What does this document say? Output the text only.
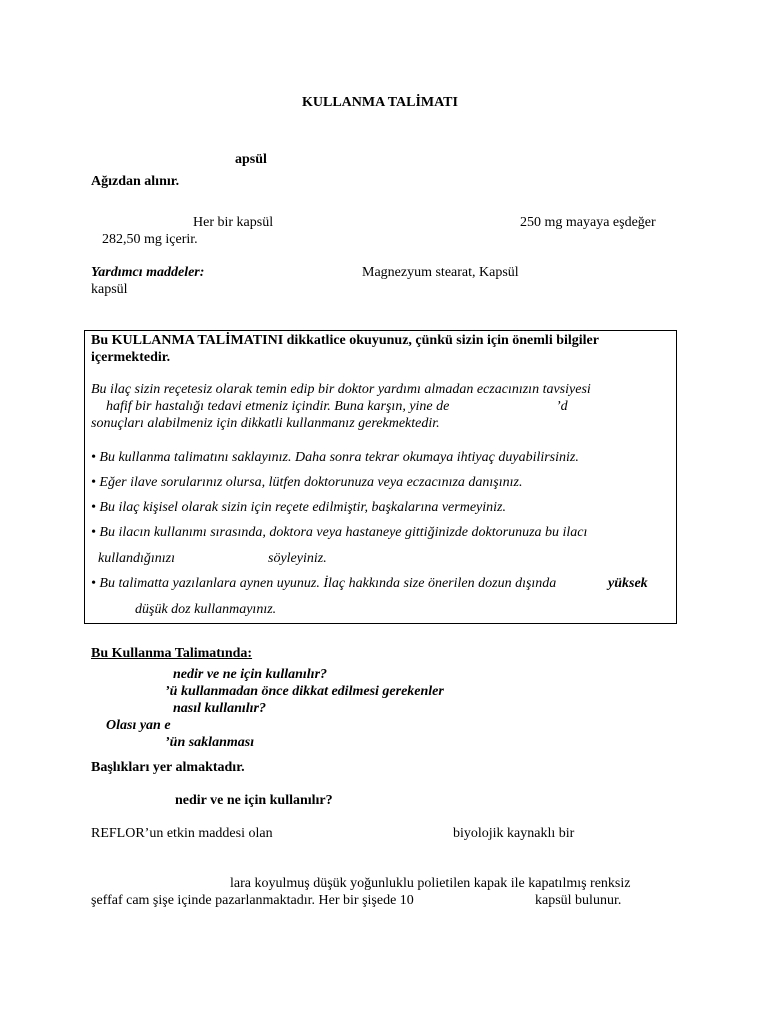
KULLANMA TALİMATI
apsül
Ağızdan alınır.
Her bir kapsül	250 mg mayaya eşdeğer
282,50 mg içerir.
Yardımcı maddeler:	Magnezyum stearat, Kapsül
kapsül
Bu KULLANMA TALİMATINI dikkatlice okuyunuz, çünkü sizin için önemli bilgiler
içermektedir.
Bu ilaç sizin reçetesiz olarak temin edip bir doktor yardımı almadan eczacınızın tavsiyesi
hafif bir hastalığı tedavi etmeniz içindir. Buna karşın, yine de	’d
sonuçları alabilmeniz için dikkatli kullanmanız gerekmektedir.
• Bu kullanma talimatını saklayınız. Daha sonra tekrar okumaya ihtiyaç duyabilirsiniz.
• Eğer ilave sorularınız olursa, lütfen doktorunuza veya eczacınıza danışınız.
• Bu ilaç kişisel olarak sizin için reçete edilmiştir, başkalarına vermeyiniz.
• Bu ilacın kullanımı sırasında, doktora veya hastaneye gittiğinizde doktorunuza bu ilacı
kullandığınızı	söyleyiniz.
• Bu talimatta yazılanlara aynen uyunuz. İlaç hakkında size önerilen dozun dışında	yüksek
düşük doz kullanmayınız.
Bu Kullanma Talimatında:
nedir ve ne için kullanılır?
’ü kullanmadan önce dikkat edilmesi gerekenler
nasıl kullanılır?
Olası yan e
’ün saklanması
Başlıkları yer almaktadır.
nedir ve ne için kullanılır?
REFLOR’un etkin maddesi olan	biyolojik kaynaklı bir
lara koyulmuş düşük yoğunluklu polietilen kapak ile kapatılmış renksiz
şeffaf cam şişe içinde pazarlanmaktadır. Her bir şişede 10	kapsül bulunur.
